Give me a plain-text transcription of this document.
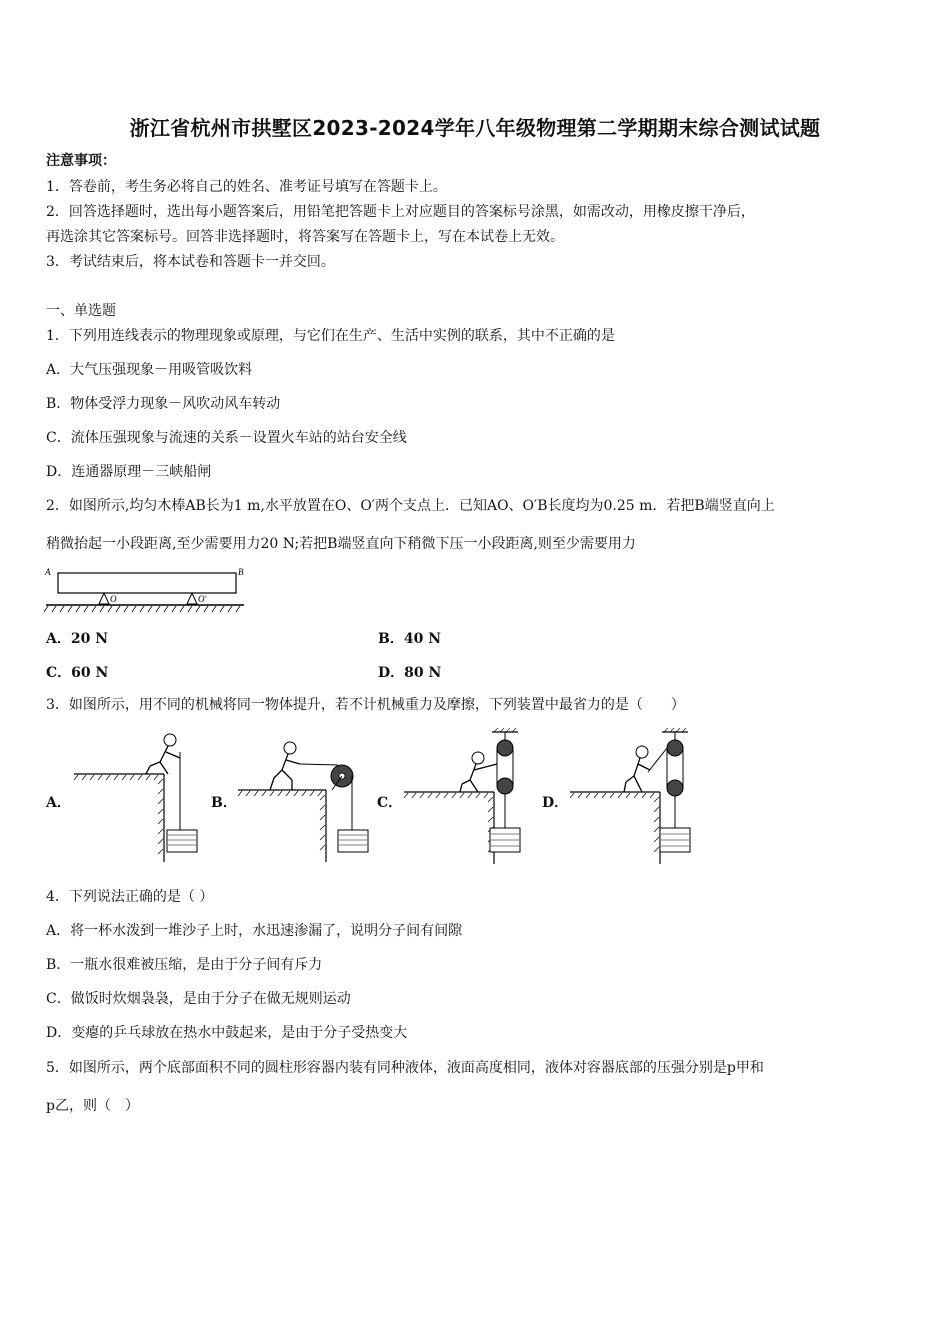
浙江省杭州市拱墅区2023-2024学年八年级物理第二学期期末综合测试试题
注意事项：
1．答卷前，考生务必将自己的姓名、准考证号填写在答题卡上。
2．回答选择题时，选出每小题答案后，用铅笔把答题卡上对应题目的答案标号涂黑，如需改动，用橡皮擦干净后，
再选涂其它答案标号。回答非选择题时，将答案写在答题卡上，写在本试卷上无效。
3．考试结束后，将本试卷和答题卡一并交回。
一、单选题
1．下列用连线表示的物理现象或原理，与它们在生产、生活中实例的联系，其中不正确的是
A．大气压强现象－用吸管吸饮料
B．物体受浮力现象－风吹动风车转动
C．流体压强现象与流速的关系－设置火车站的站台安全线
D．连通器原理－三峡船闸
2．如图所示,均匀木棒AB长为1 m,水平放置在O、O′两个支点上．已知AO、O′B长度均为0.25 m．若把B端竖直向上
稍微抬起一小段距离,至少需要用力20 N;若把B端竖直向下稍微下压一小段距离,则至少需要用力
A	B
O	O′
A．20 N	B．40 N
C．60 N	D．80 N
3．如图所示，用不同的机械将同一物体提升，若不计机械重力及摩擦，下列装置中最省力的是（　　）
A．	B．	C．	D．
4．下列说法正确的是（ ）
A．将一杯水泼到一堆沙子上时，水迅速渗漏了，说明分子间有间隙
B．一瓶水很难被压缩，是由于分子间有斥力
C．做饭时炊烟袅袅，是由于分子在做无规则运动
D．变瘪的乒乓球放在热水中鼓起来，是由于分子受热变大
5．如图所示，两个底部面积不同的圆柱形容器内装有同种液体，液面高度相同，液体对容器底部的压强分别是p甲和
p乙，则（　）
